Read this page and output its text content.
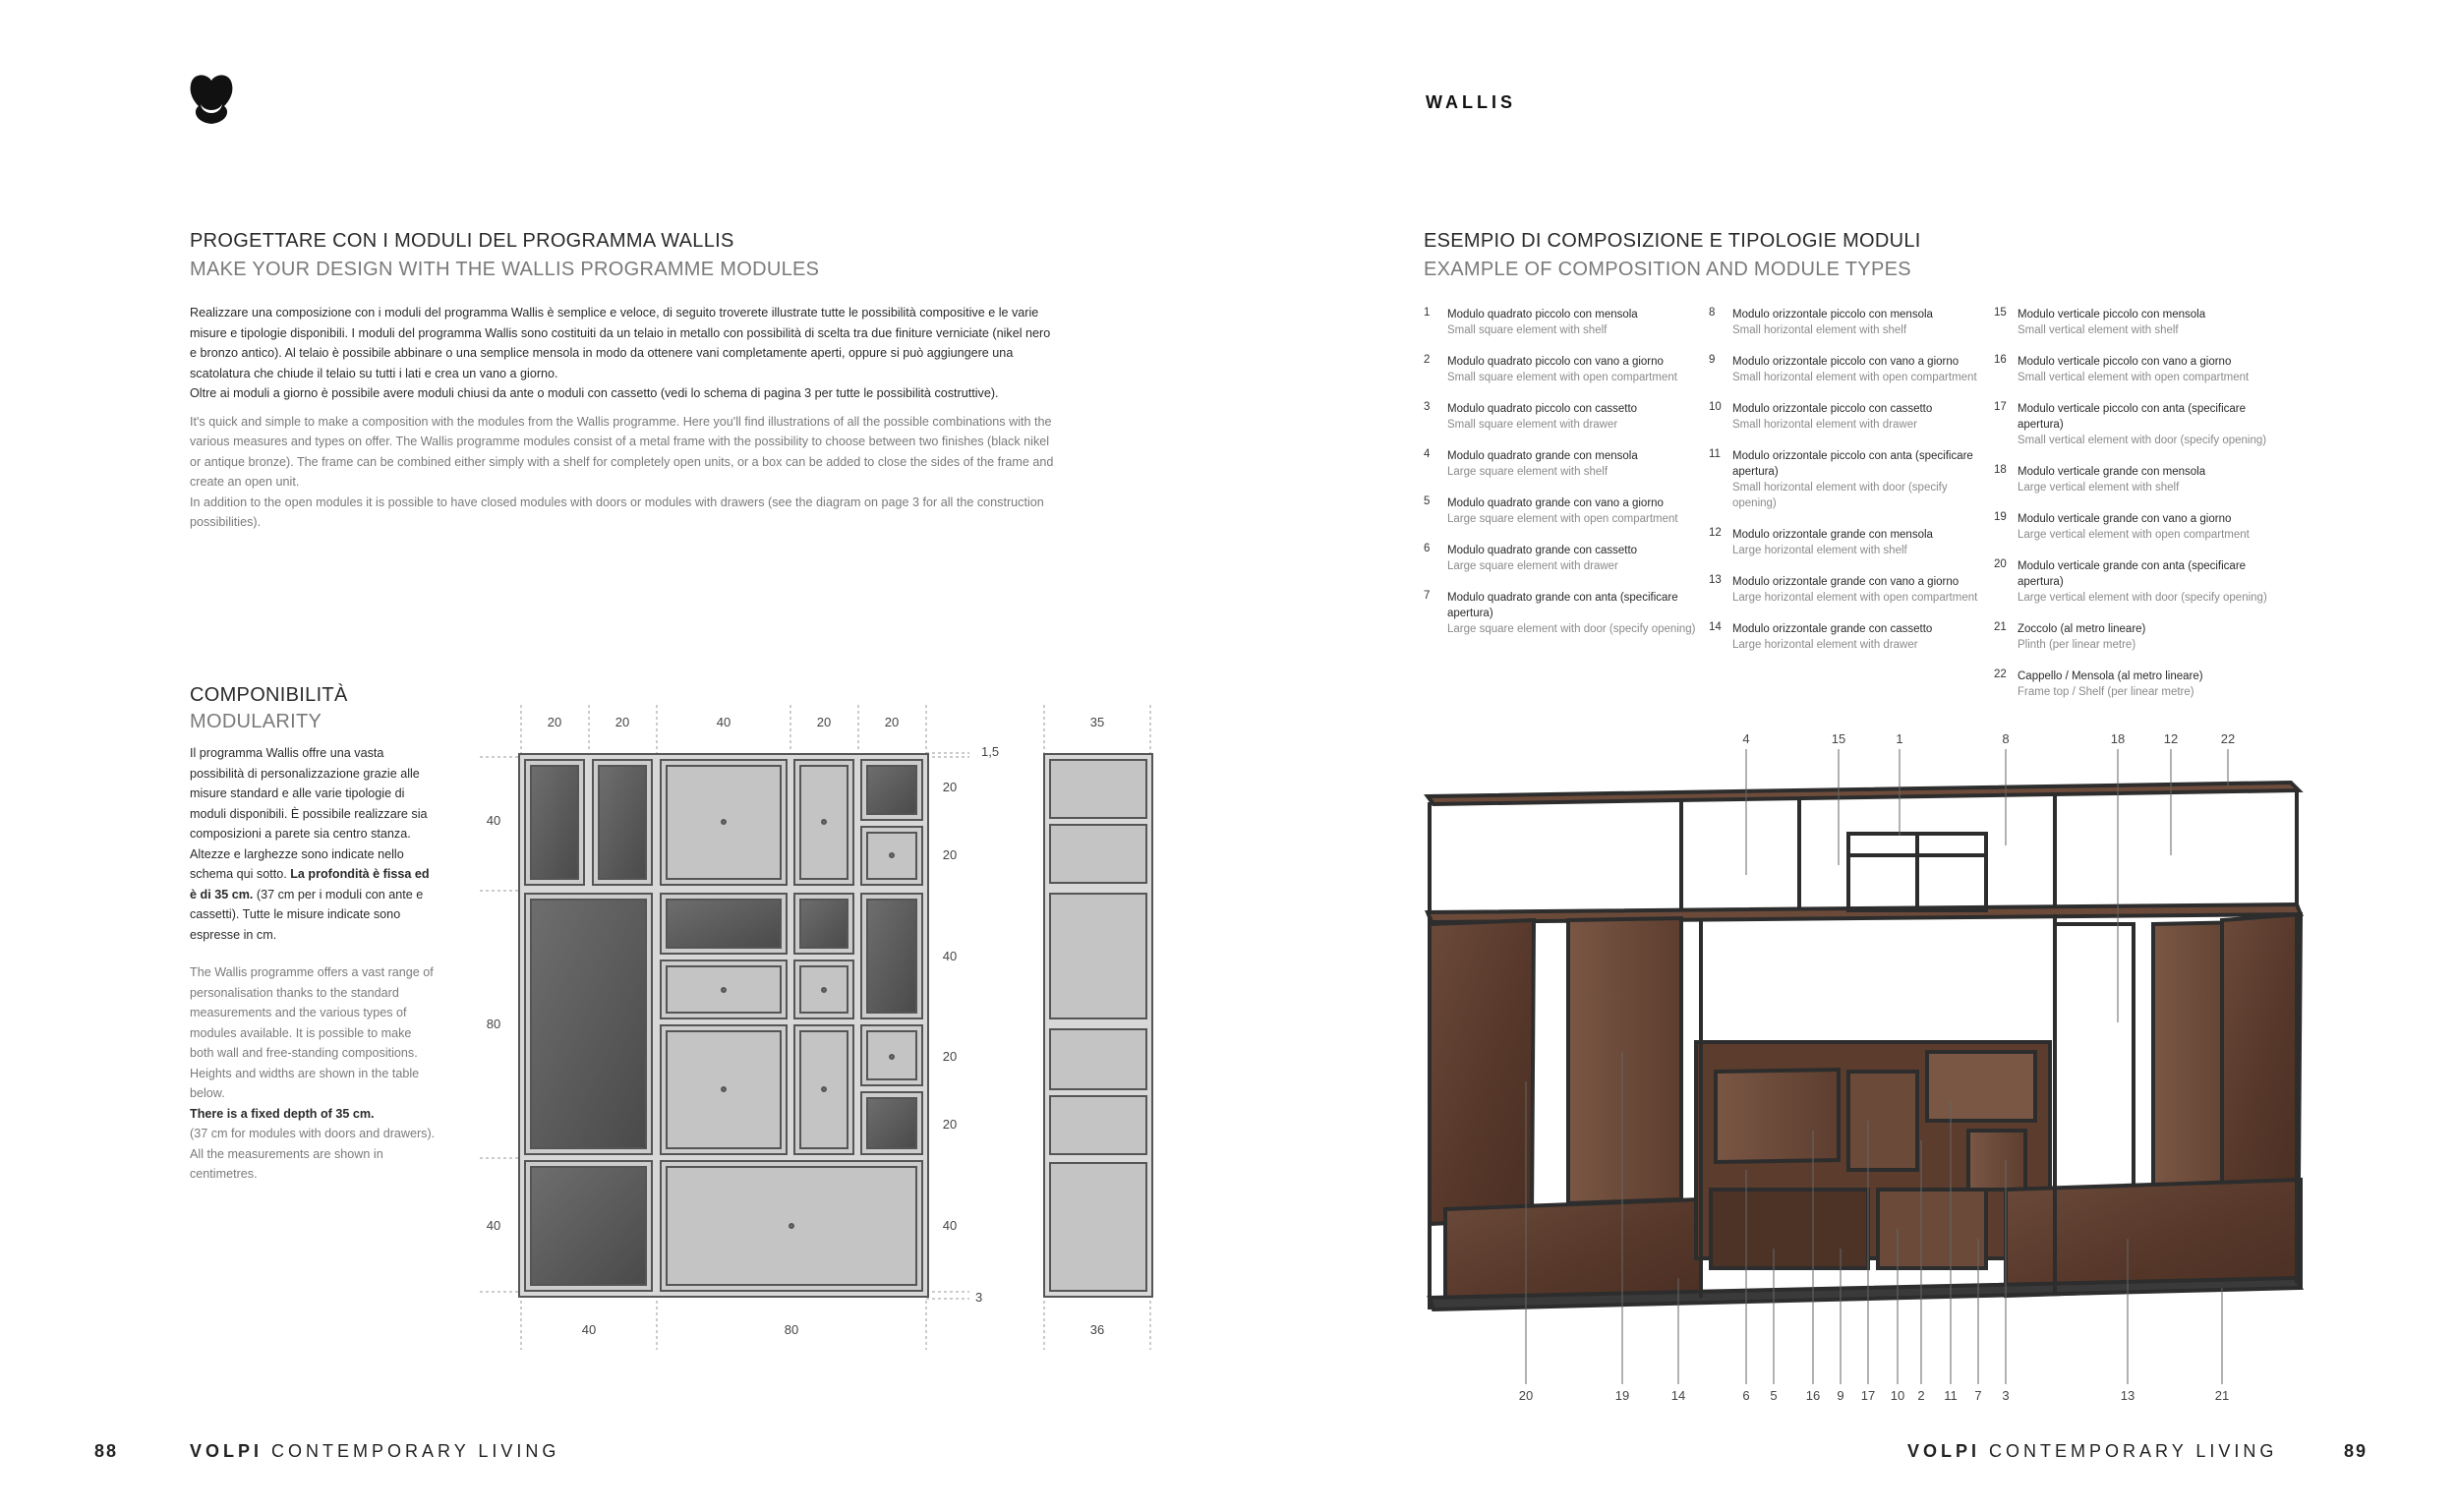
WALLIS
PROGETTARE CON I MODULI DEL PROGRAMMA WALLIS
MAKE YOUR DESIGN WITH THE WALLIS PROGRAMME MODULES
Realizzare una composizione con i moduli del programma Wallis è semplice e veloce, di seguito troverete illustrate tutte le possibilità compositive e le varie misure e tipologie disponibili. I moduli del programma Wallis sono costituiti da un telaio in metallo con possibilità di scelta tra due finiture verniciate (nikel nero e bronzo antico). Al telaio è possibile abbinare o una semplice mensola in modo da ottenere vani completamente aperti, oppure si può aggiungere una scatolatura che chiude il telaio su tutti i lati e crea un vano a giorno.
Oltre ai moduli a giorno è possibile avere moduli chiusi da ante o moduli con cassetto (vedi lo schema di pagina 3 per tutte le possibilità costruttive).
It's quick and simple to make a composition with the modules from the Wallis programme. Here you'll find illustrations of all the possible combinations with the various measures and types on offer. The Wallis programme modules consist of a metal frame with the possibility to choose between two finishes (black nikel or antique bronze). The frame can be combined either simply with a shelf for completely open units, or a box can be added to close the sides of the frame and create an open unit.
In addition to the open modules it is possible to have closed modules with doors or modules with drawers (see the diagram on page 3 for all the construction possibilities).
COMPONIBILITÀ
MODULARITY
Il programma Wallis offre una vasta possibilità di personalizzazione grazie alle misure standard e alle varie tipologie di moduli disponibili. È possibile realizzare sia composizioni a parete sia centro stanza. Altezze e larghezze sono indicate nello schema qui sotto. La profondità è fissa ed è di 35 cm. (37 cm per i moduli con ante e cassetti). Tutte le misure indicate sono espresse in cm.
The Wallis programme offers a vast range of personalisation thanks to the standard measurements and the various types of modules available. It is possible to make both wall and free-standing compositions. Heights and widths are shown in the table below.
There is a fixed depth of 35 cm.
(37 cm for modules with doors and drawers). All the measurements are shown in centimetres.
20	20	40	20	20	35
40
80
40
20
20
40
20
20
40
1,5
3
40	80	36
ESEMPIO DI COMPOSIZIONE E TIPOLOGIE MODULI
EXAMPLE OF COMPOSITION AND MODULE TYPES
1 Modulo quadrato piccolo con mensola
Small square element with shelf
2 Modulo quadrato piccolo con vano a giorno
Small square element with open compartment
3 Modulo quadrato piccolo con cassetto
Small square element with drawer
4 Modulo quadrato grande con mensola
Large square element with shelf
5 Modulo quadrato grande con vano a giorno
Large square element with open compartment
6 Modulo quadrato grande con cassetto
Large square element with drawer
7 Modulo quadrato grande con anta (specificare apertura)
Large square element with door (specify opening)
8 Modulo orizzontale piccolo con mensola
Small horizontal element with shelf
9 Modulo orizzontale piccolo con vano a giorno
Small horizontal element with open compartment
10 Modulo orizzontale piccolo con cassetto
Small horizontal element with drawer
11 Modulo orizzontale piccolo con anta (specificare apertura)
Small horizontal element with door (specify opening)
12 Modulo orizzontale grande con mensola
Large horizontal element with shelf
13 Modulo orizzontale grande con vano a giorno
Large horizontal element with open compartment
14 Modulo orizzontale grande con cassetto
Large horizontal element with drawer
15 Modulo verticale piccolo con mensola
Small vertical element with shelf
16 Modulo verticale piccolo con vano a giorno
Small vertical element with open compartment
17 Modulo verticale piccolo con anta (specificare apertura)
Small vertical element with door (specify opening)
18 Modulo verticale grande con mensola
Large vertical element with shelf
19 Modulo verticale grande con vano a giorno
Large vertical element with open compartment
20 Modulo verticale grande con anta (specificare apertura)
Large vertical element with door (specify opening)
21 Zoccolo (al metro lineare)
Plinth (per linear metre)
22 Cappello / Mensola (al metro lineare)
Frame top / Shelf (per linear metre)
4	15	1	8	18	12	22
20	19	14	6 5 16 9 17 10 2 11 7 3	13	21
88	VOLPI CONTEMPORARY LIVING	VOLPI CONTEMPORARY LIVING	89
